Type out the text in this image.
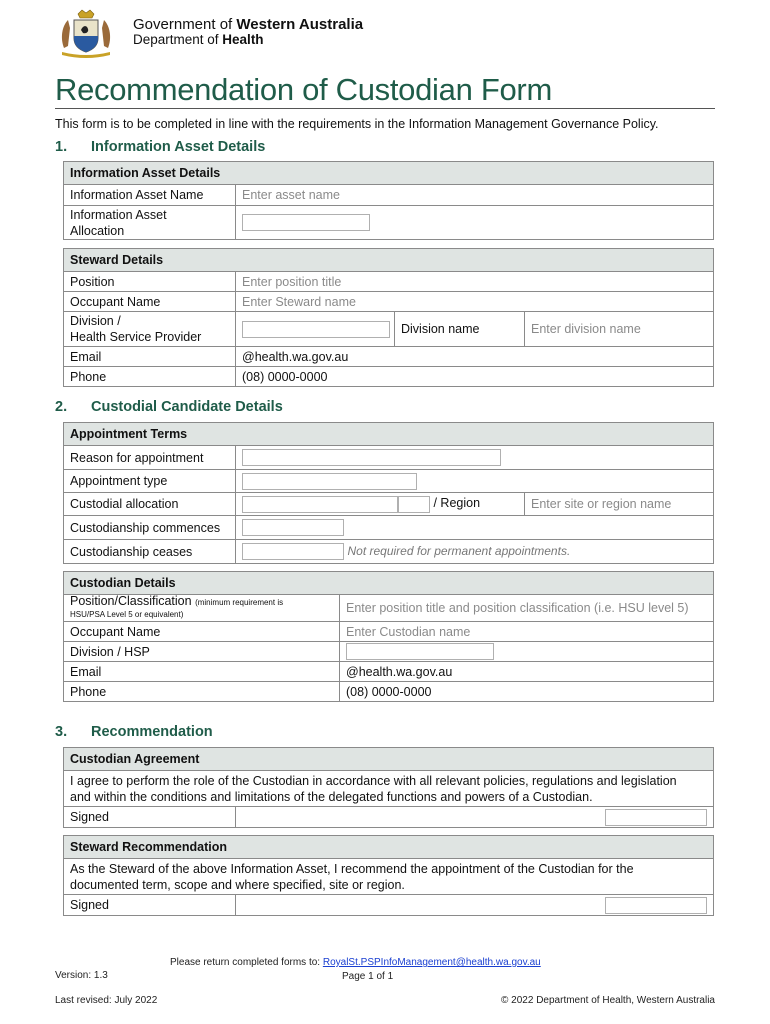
Government of Western Australia
Department of Health
Recommendation of Custodian Form
This form is to be completed in line with the requirements in the Information Management Governance Policy.
1. Information Asset Details
Information Asset Details	
Information Asset Name	Enter asset name
Information Asset
Allocation	
Steward Details			
Position	Enter position title		
Occupant Name	Enter Steward name		
Division /
Health Service Provider		Division name	Enter division name
Email	@health.wa.gov.au		
Phone	(08) 0000-0000		
2. Custodial Candidate Details
Appointment Terms		
Reason for appointment		
Appointment type		
Custodial allocation	/ Region	Enter site or region name
Custodianship commences		
Custodianship ceases	Not required for permanent appointments.	
Custodian Details	
Position/Classification (minimum requirement is
HSU/PSA Level 5 or equivalent)	Enter position title and position classification (i.e. HSU level 5)
Occupant Name	Enter Custodian name
Division / HSP	
Email	@health.wa.gov.au
Phone	(08) 0000-0000
3. Recommendation
Custodian Agreement
I agree to perform the role of the Custodian in accordance with all relevant policies, regulations and legislation
and within the conditions and limitations of the delegated functions and powers of a Custodian.
Signed	
Steward Recommendation
As the Steward of the above Information Asset, I recommend the appointment of the Custodian for the
documented term, scope and where specified, site or region.
Signed	
Please return completed forms to: RoyalSt.PSPInfoManagement@health.wa.gov.au
Version: 1.3	Page 1 of 1
Last revised: July 2022	© 2022 Department of Health, Western Australia
